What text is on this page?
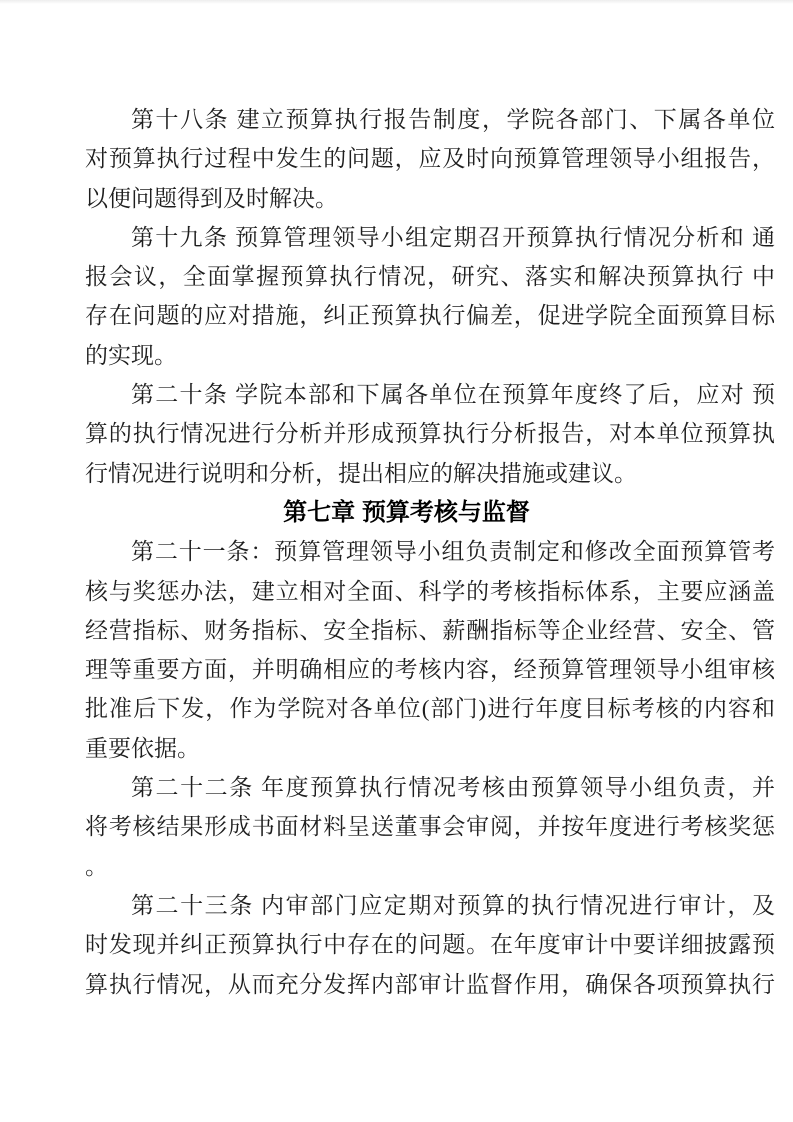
第十八条 建立预算执行报告制度，学院各部门、下属各单位
对预算执行过程中发生的问题，应及时向预算管理领导小组报告，
以便问题得到及时解决。

第十九条 预算管理领导小组定期召开预算执行情况分析和 通
报会议，全面掌握预算执行情况，研究、落实和解决预算执行 中
存在问题的应对措施，纠正预算执行偏差，促进学院全面预算目标
的实现。

第二十条 学院本部和下属各单位在预算年度终了后，应对 预
算的执行情况进行分析并形成预算执行分析报告，对本单位预算执
行情况进行说明和分析，提出相应的解决措施或建议。

第七章 预算考核与监督

第二十一条：预算管理领导小组负责制定和修改全面预算管考
核与奖惩办法，建立相对全面、科学的考核指标体系，主要应涵盖
经营指标、财务指标、安全指标、薪酬指标等企业经营、安全、管
理等重要方面，并明确相应的考核内容，经预算管理领导小组审核
批准后下发，作为学院对各单位(部门)进行年度目标考核的内容和
重要依据。

第二十二条 年度预算执行情况考核由预算领导小组负责，并
将考核结果形成书面材料呈送董事会审阅，并按年度进行考核奖惩
。

第二十三条 内审部门应定期对预算的执行情况进行审计，及
时发现并纠正预算执行中存在的问题。在年度审计中要详细披露预
算执行情况，从而充分发挥内部审计监督作用，确保各项预算执行
